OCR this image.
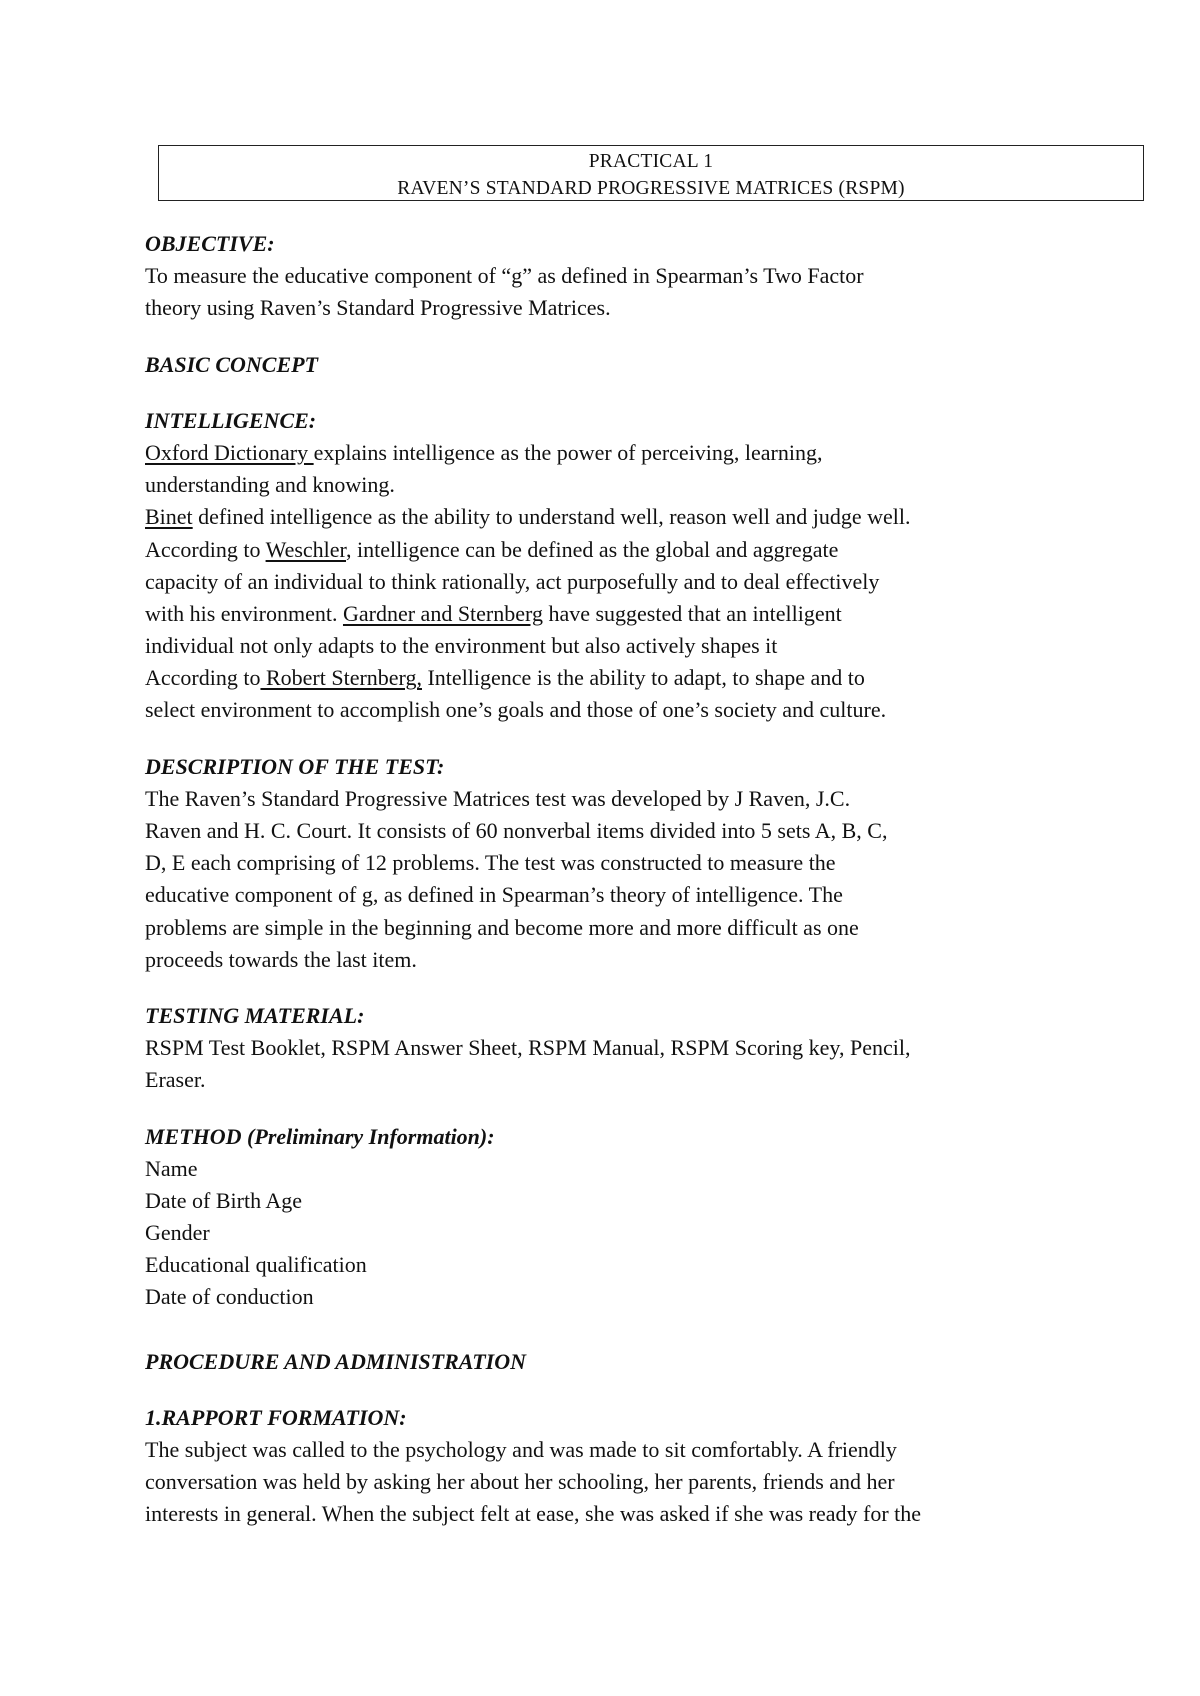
PRACTICAL 1
RAVEN’S STANDARD PROGRESSIVE MATRICES (RSPM)
OBJECTIVE:
To measure the educative component of “g” as defined in Spearman’s Two Factor
theory using Raven’s Standard Progressive Matrices.
BASIC CONCEPT
INTELLIGENCE:
Oxford Dictionary explains intelligence as the power of perceiving, learning,
understanding and knowing.
Binet defined intelligence as the ability to understand well, reason well and judge well.
According to Weschler, intelligence can be defined as the global and aggregate
capacity of an individual to think rationally, act purposefully and to deal effectively
with his environment. Gardner and Sternberg have suggested that an intelligent
individual not only adapts to the environment but also actively shapes it
According to Robert Sternberg, Intelligence is the ability to adapt, to shape and to
select environment to accomplish one’s goals and those of one’s society and culture.
DESCRIPTION OF THE TEST:
The Raven’s Standard Progressive Matrices test was developed by J Raven, J.C.
Raven and H. C. Court. It consists of 60 nonverbal items divided into 5 sets A, B, C,
D, E each comprising of 12 problems. The test was constructed to measure the
educative component of g, as defined in Spearman’s theory of intelligence. The
problems are simple in the beginning and become more and more difficult as one
proceeds towards the last item.
TESTING MATERIAL:
RSPM Test Booklet, RSPM Answer Sheet, RSPM Manual, RSPM Scoring key, Pencil,
Eraser.
METHOD (Preliminary Information):
Name
Date of Birth Age
Gender
Educational qualification
Date of conduction
PROCEDURE AND ADMINISTRATION
1.RAPPORT FORMATION:
The subject was called to the psychology and was made to sit comfortably. A friendly
conversation was held by asking her about her schooling, her parents, friends and her
interests in general. When the subject felt at ease, she was asked if she was ready for the
